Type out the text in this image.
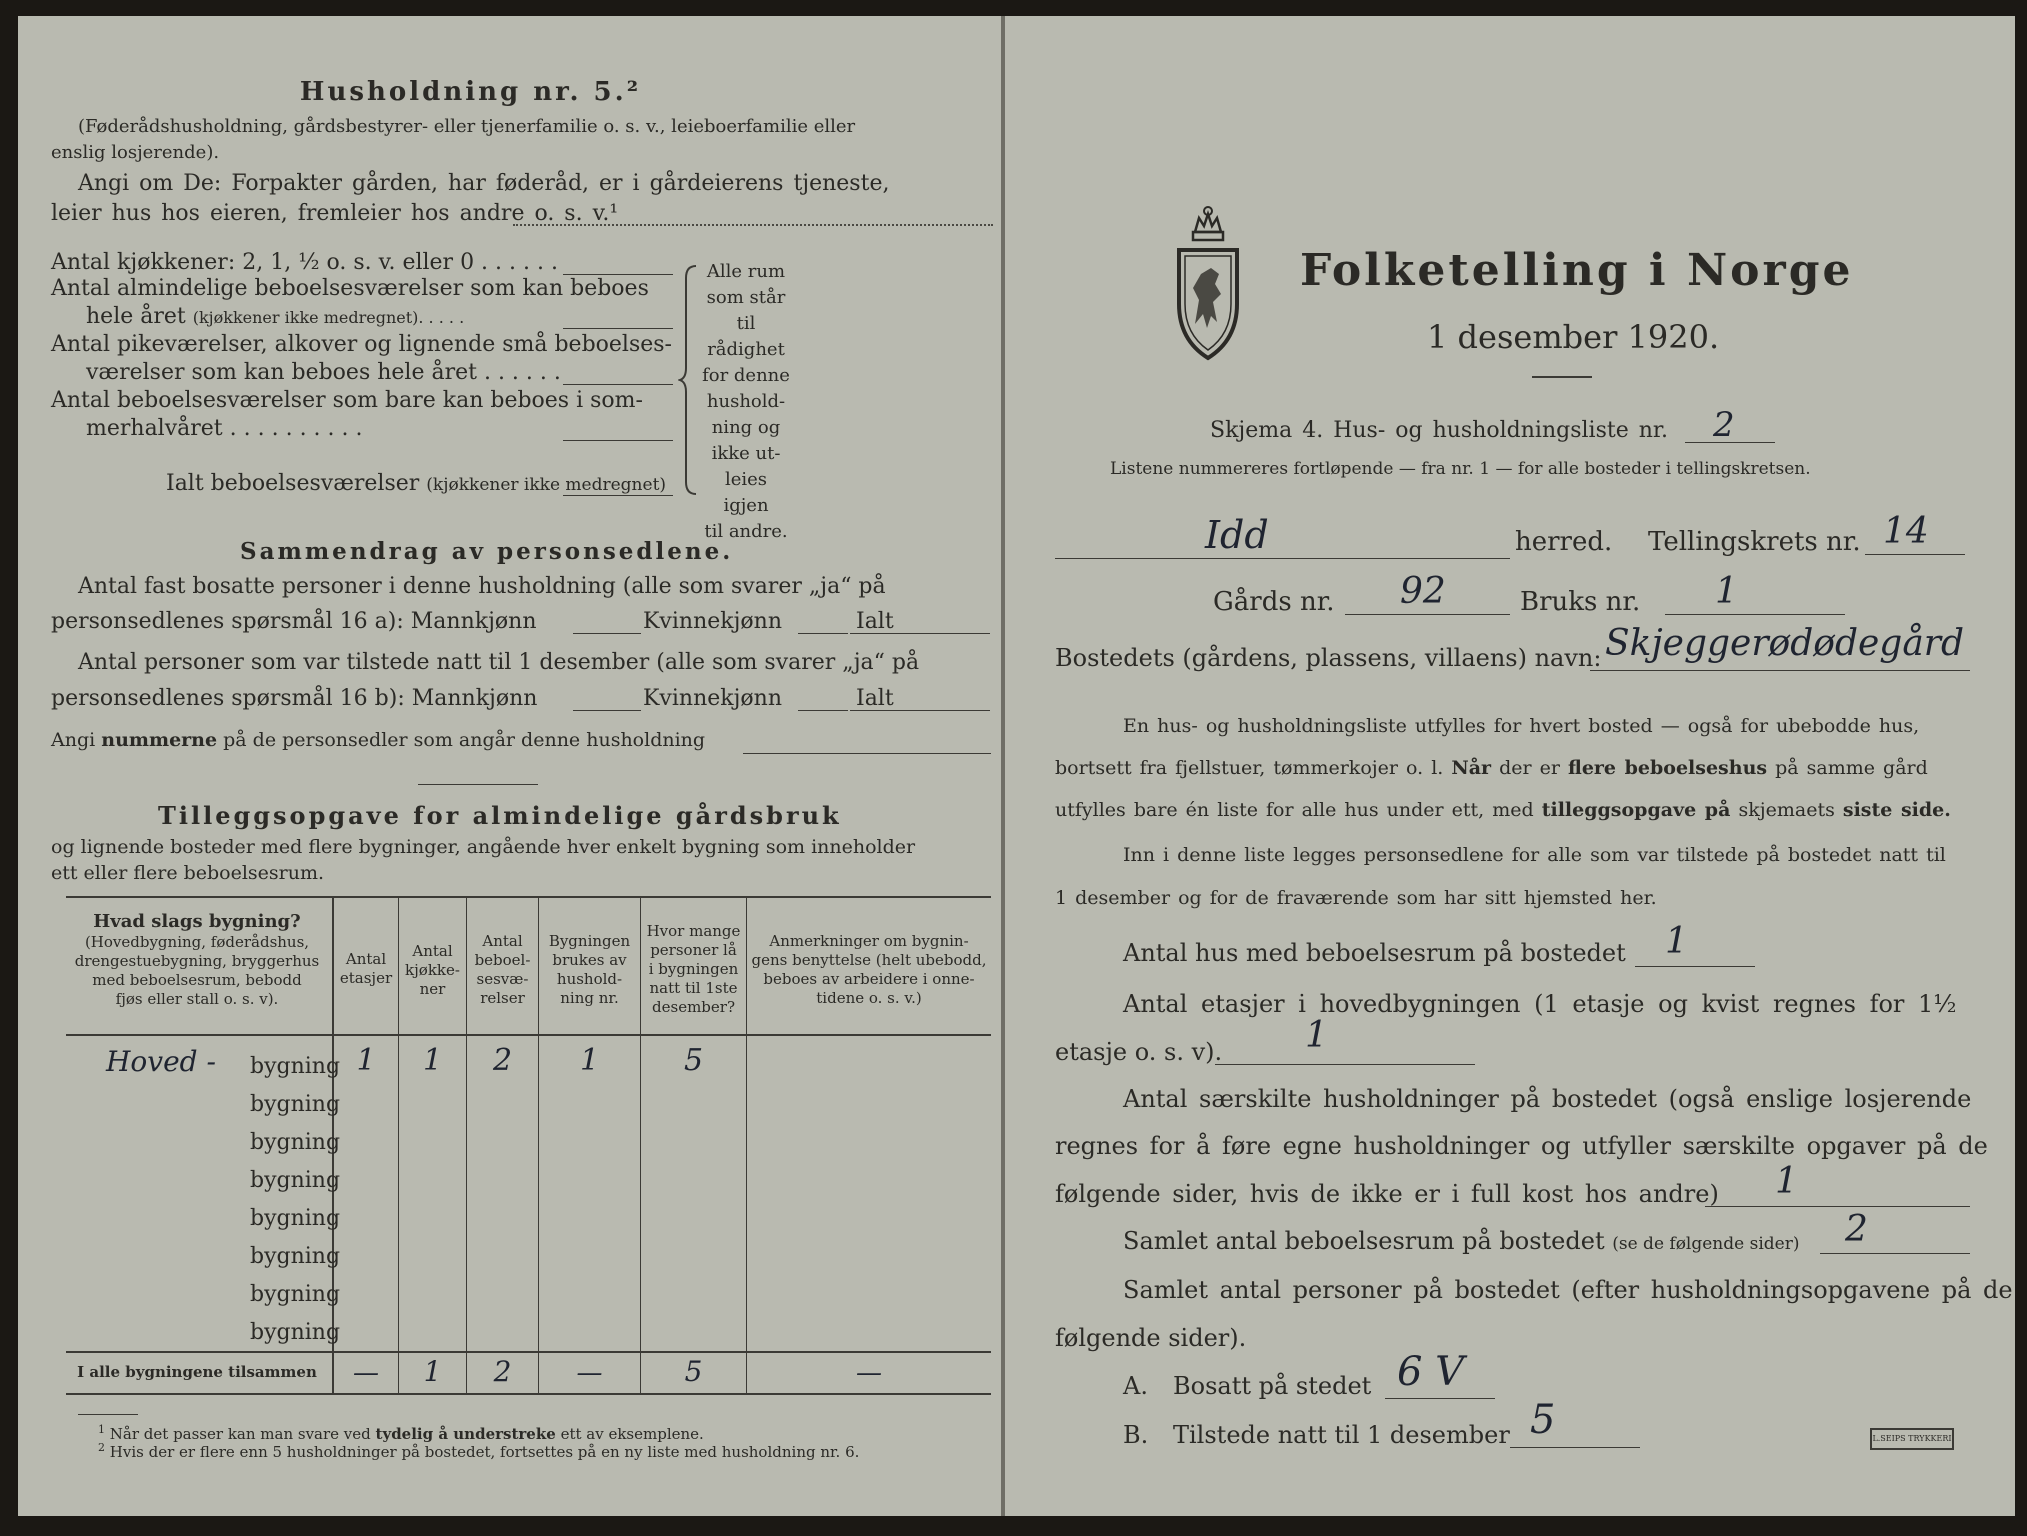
Husholdning nr. 5.²
(Føderådshusholdning, gårdsbestyrer- eller tjenerfamilie o. s. v., leieboerfamilie eller
enslig losjerende).
Angi om De: Forpakter gården, har føderåd, er i gårdeierens tjeneste,
leier hus hos eieren, fremleier hos andre o. s. v.¹
Antal kjøkkener: 2, 1, ½ o. s. v. eller 0 . . . . . .
Antal almindelige beboelsesværelser som kan beboes
hele året (kjøkkener ikke medregnet). . . . .
Antal pikeværelser, alkover og lignende små beboelses-
værelser som kan beboes hele året . . . . . .
Antal beboelsesværelser som bare kan beboes i som-
merhalvåret . . . . . . . . . .
Ialt beboelsesværelser (kjøkkener ikke medregnet)
Alle rum
som står til
rådighet
for denne
hushold-
ning og
ikke ut-
leies igjen
til andre.
Sammendrag av personsedlene.
Antal fast bosatte personer i denne husholdning (alle som svarer „ja“ på
personsedlenes spørsmål 16 a): Mannkjønn	Kvinnekjønn	Ialt
Antal personer som var tilstede natt til 1 desember (alle som svarer „ja“ på
personsedlenes spørsmål 16 b): Mannkjønn	Kvinnekjønn	Ialt
Angi nummerne på de personsedler som angår denne husholdning
Tilleggsopgave for almindelige gårdsbruk
og lignende bosteder med flere bygninger, angående hver enkelt bygning som inneholder
ett eller flere beboelsesrum.
Hvad slags bygning?
(Hovedbygning, føderådshus,
drengestuebygning, bryggerhus
med beboelsesrum, bebodd
fjøs eller stall o. s. v).
Antal
etasjer
Antal
kjøkke-
ner
Antal
beboel-
sesvæ-
relser
Bygningen
brukes av
hushold-
ning nr.
Hvor mange
personer lå
i bygningen
natt til 1ste
desember?
Anmerkninger om bygnin-
gens benyttelse (helt ubebodd,
beboes av arbeidere i onne-
tidene o. s. v.)
Hoved - bygning 1	1	2	1	5
bygning
bygning
bygning
bygning
bygning
bygning
bygning
I alle bygningene tilsammen	—	1	2	—	5	—
$^1$ Når det passer kan man svare ved tydelig å understreke ett av eksemplene.
$^2$ Hvis der er flere enn 5 husholdninger på bostedet, fortsettes på en ny liste med husholdning nr. 6.
Folketelling i Norge
1 desember 1920.
Skjema 4. Hus- og husholdningsliste nr. 2
Listene nummereres fortløpende — fra nr. 1 — for alle bosteder i tellingskretsen.
Idd	herred. Tellingskrets nr. 14
Gårds nr. 92	Bruks nr. 1
Bostedets (gårdens, plassens, villaens) navn: Skjeggerødødegård
En hus- og husholdningsliste utfylles for hvert bosted — også for ubebodde hus,
bortsett fra fjellstuer, tømmerkojer o. l. Når der er flere beboelseshus på samme gård
utfylles bare én liste for alle hus under ett, med tilleggsopgave på skjemaets siste side.
Inn i denne liste legges personsedlene for alle som var tilstede på bostedet natt til
1 desember og for de fraværende som har sitt hjemsted her.
Antal hus med beboelsesrum på bostedet 1
Antal etasjer i hovedbygningen (1 etasje og kvist regnes for 1½
etasje o. s. v). 1
Antal særskilte husholdninger på bostedet (også enslige losjerende
regnes for å føre egne husholdninger og utfyller særskilte opgaver på de
følgende sider, hvis de ikke er i full kost hos andre) 1
Samlet antal beboelsesrum på bostedet (se de følgende sider) 2
Samlet antal personer på bostedet (efter husholdningsopgavene på de
følgende sider).
A. Bosatt på stedet 6 V
B. Tilstede natt til 1 desember 5	L.SEIPS TRYKKERI
